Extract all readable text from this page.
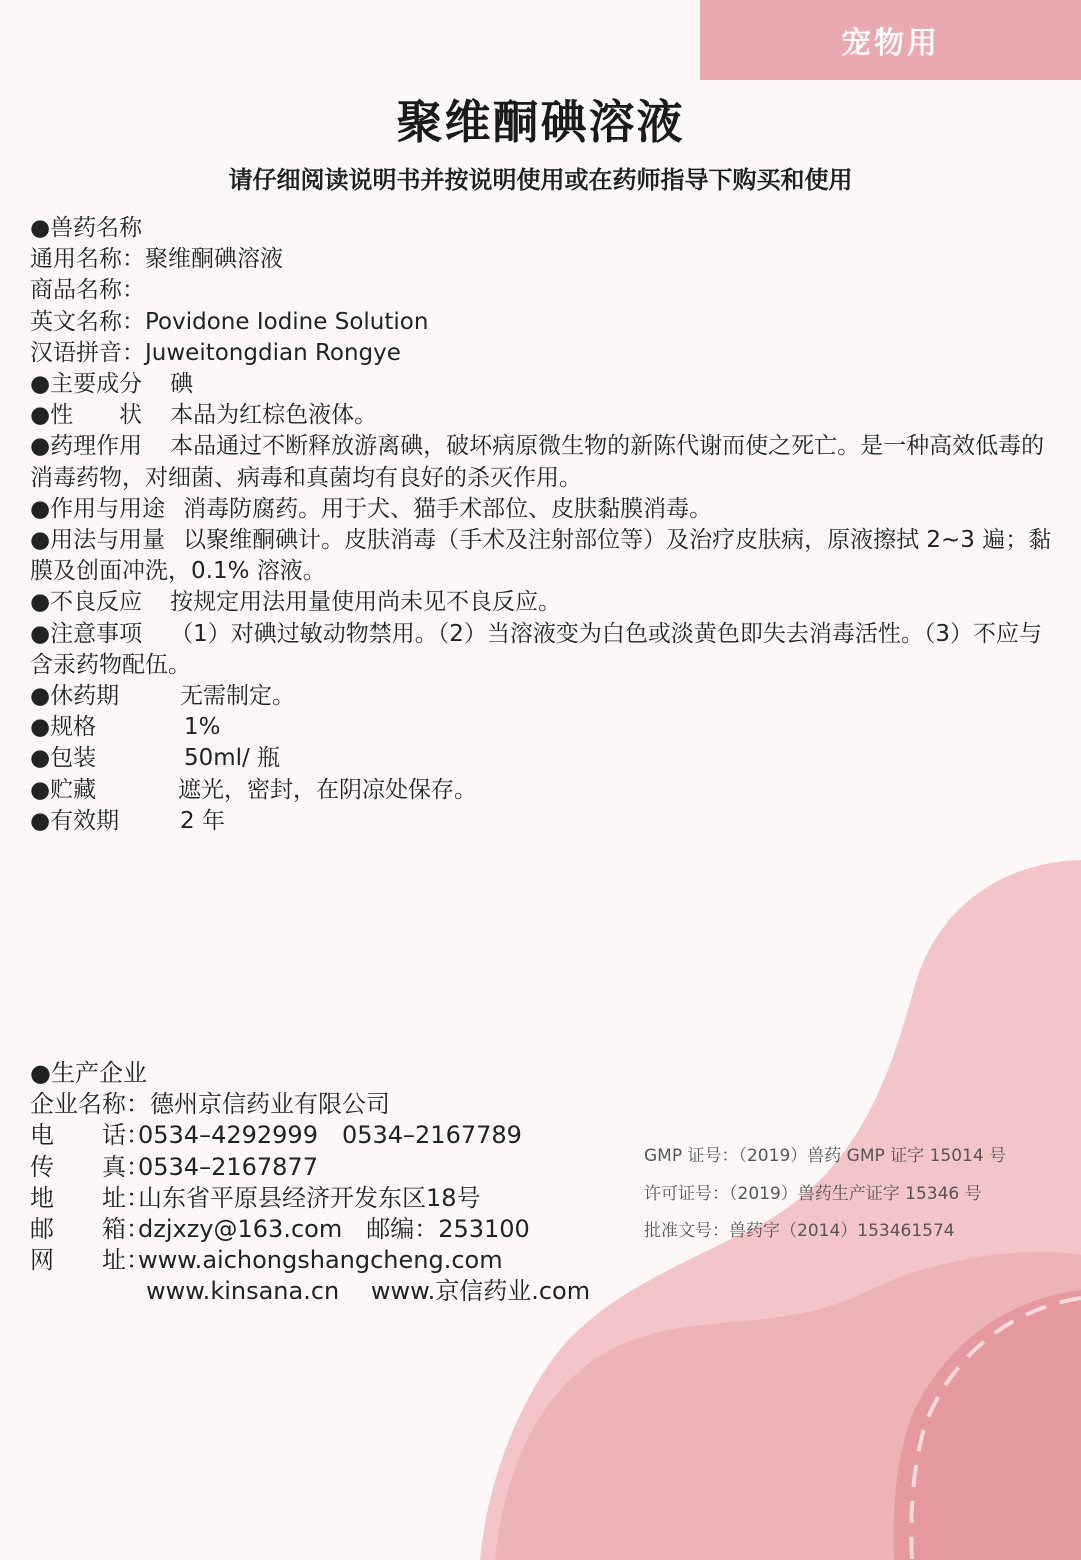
宠物用
聚维酮碘溶液
请仔细阅读说明书并按说明使用或在药师指导下购买和使用
●兽药名称
通用名称：聚维酮碘溶液
商品名称：
英文名称：Povidone Iodine Solution
汉语拼音：Juweitongdian Rongye
●主要成分 碘
●性　　状 本品为红棕色液体。
●药理作用 本品通过不断释放游离碘，破坏病原微生物的新陈代谢而使之死亡。是一种高效低毒的消毒药物，对细菌、病毒和真菌均有良好的杀灭作用。
●作用与用途 消毒防腐药。用于犬、猫手术部位、皮肤黏膜消毒。
●用法与用量 以聚维酮碘计。皮肤消毒（手术及注射部位等）及治疗皮肤病，原液擦拭 2~3 遍；黏膜及创面冲洗，0.1% 溶液。
●不良反应 按规定用法用量使用尚未见不良反应。
●注意事项 （1）对碘过敏动物禁用。（2）当溶液变为白色或淡黄色即失去消毒活性。（3）不应与含汞药物配伍。
●休药期	无需制定。
●规格	1%
●包装	50ml/ 瓶
●贮藏	遮光，密封，在阴凉处保存。
●有效期	2 年
●生产企业
企业名称：德州京信药业有限公司
电　　话：0534–4292999　0534–2167789
传　　真：0534–2167877
地　　址：山东省平原县经济开发东区18号
邮　　箱：dzjxzy@163.com　邮编：253100
网　　址：www.aichongshangcheng.com
www.kinsana.cn　 www.京信药业.com
GMP 证号：（2019）兽药 GMP 证字 15014 号
许可证号：（2019）兽药生产证字 15346 号
批准文号：兽药字（2014）153461574
